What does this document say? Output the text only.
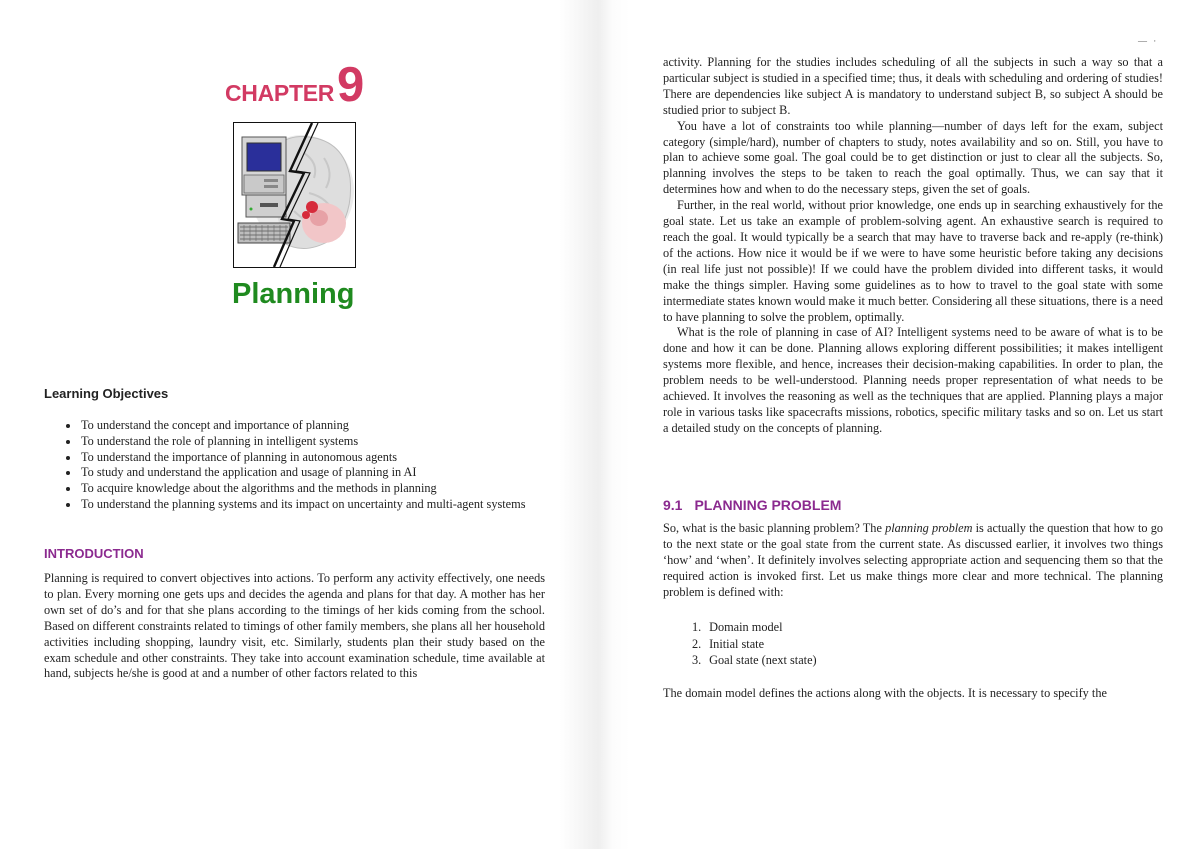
CHAPTER 9
Planning
Learning Objectives
To understand the concept and importance of planning
To understand the role of planning in intelligent systems
To understand the importance of planning in autonomous agents
To study and understand the application and usage of planning in AI
To acquire knowledge about the algorithms and the methods in planning
To understand the planning systems and its impact on uncertainty and multi-agent systems
INTRODUCTION

Planning is required to convert objectives into actions. To perform any activity effectively, one needs to plan. Every morning one gets ups and decides the agenda and plans for that day. A mother has her own set of do’s and for that she plans according to the timings of her kids coming from the school. Based on different constraints related to timings of other family members, she plans all her household activities including shopping, laundry visit, etc. Similarly, students plan their study based on the exam schedule and other constraints. They take into account examination schedule, time available at hand, subjects he/she is good at and a number of other factors related to this

— ·

activity. Planning for the studies includes scheduling of all the subjects in such a way so that a particular subject is studied in a specified time; thus, it deals with scheduling and ordering of studies! There are dependencies like subject A is mandatory to understand subject B, so subject A should be studied prior to subject B.

You have a lot of constraints too while planning—number of days left for the exam, subject category (simple/hard), number of chapters to study, notes availability and so on. Still, you have to plan to achieve some goal. The goal could be to get distinction or just to clear all the subjects. So, planning involves the steps to be taken to reach the goal optimally. Thus, we can say that it determines how and when to do the necessary steps, given the set of goals.

Further, in the real world, without prior knowledge, one ends up in searching exhaustively for the goal state. Let us take an example of problem-solving agent. An exhaustive search is required to reach the goal. It would typically be a search that may have to traverse back and re-apply (re-think) of the actions. How nice it would be if we were to have some heuristic before taking any decisions (in real life just not possible)! If we could have the problem divided into different tasks, it would make the things simpler. Having some guidelines as to how to travel to the goal state with some intermediate states known would make it much better. Considering all these situations, there is a need to have planning to solve the problem, optimally.

What is the role of planning in case of AI? Intelligent systems need to be aware of what is to be done and how it can be done. Planning allows exploring different possibilities; it makes intelligent systems more flexible, and hence, increases their decision-making capabilities. In order to plan, the problem needs to be well-understood. Planning needs proper representation of what needs to be achieved. It involves the reasoning as well as the techniques that are applied. Planning plays a major role in various tasks like spacecrafts missions, robotics, specific military tasks and so on. Let us start a detailed study on the concepts of planning.

9.1 PLANNING PROBLEM

So, what is the basic planning problem? The planning problem is actually the question that how to go to the next state or the goal state from the current state. As discussed earlier, it involves two things ‘how’ and ‘when’. It definitely involves selecting appropriate action and sequencing them so that the required action is invoked first. Let us make things more clear and more technical. The planning problem is defined with:

1. Domain model
2. Initial state
3. Goal state (next state)

The domain model defines the actions along with the objects. It is necessary to specify the
